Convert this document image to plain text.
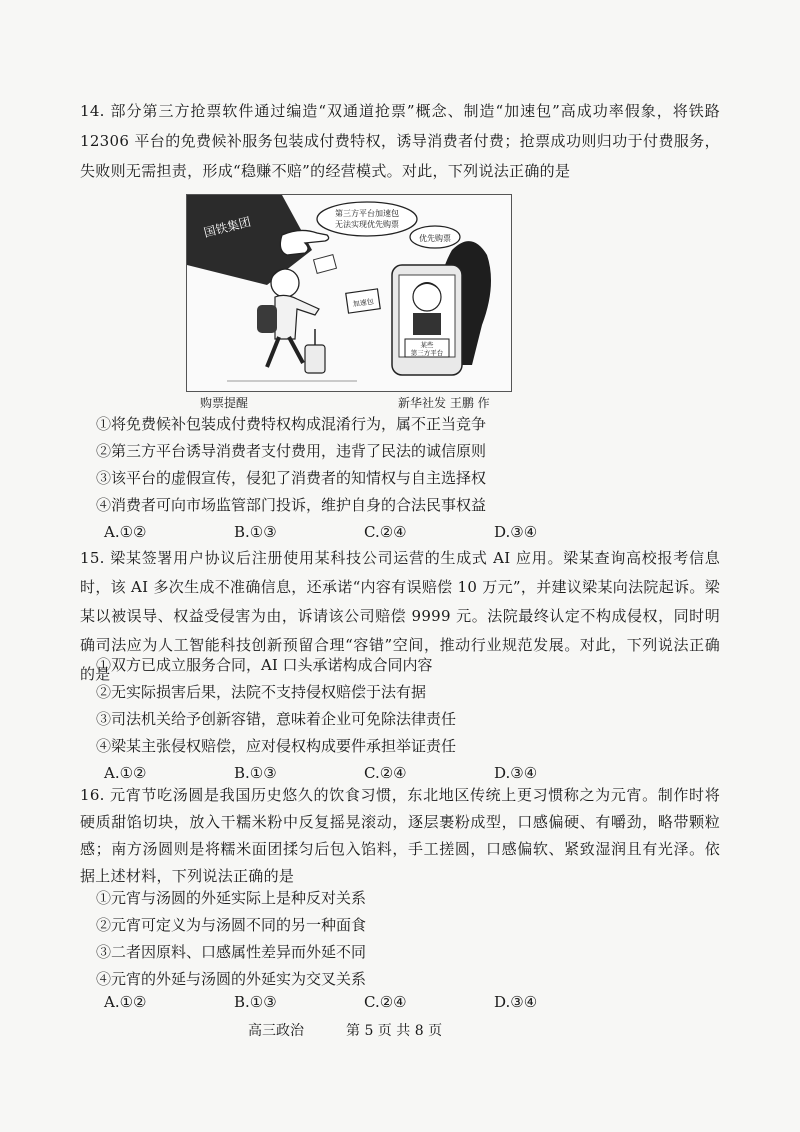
14. 部分第三方抢票软件通过编造“双通道抢票”概念、制造“加速包”高成功率假象，将铁路 12306 平台的免费候补服务包装成付费特权，诱导消费者付费；抢票成功则归功于付费服务，失败则无需担责，形成“稳赚不赔”的经营模式。对此，下列说法正确的是
国铁集团
第三方平台加速包
无法实现优先购票
优先购票
某些
第三方平台
加速包
购票提醒	新华社发 王鹏 作
①将免费候补包装成付费特权构成混淆行为，属不正当竞争
②第三方平台诱导消费者支付费用，违背了民法的诚信原则
③该平台的虚假宣传，侵犯了消费者的知情权与自主选择权
④消费者可向市场监管部门投诉，维护自身的合法民事权益
A.①②	B.①③	C.②④	D.③④
15. 梁某签署用户协议后注册使用某科技公司运营的生成式 AI 应用。梁某查询高校报考信息时，该 AI 多次生成不准确信息，还承诺“内容有误赔偿 10 万元”，并建议梁某向法院起诉。梁某以被误导、权益受侵害为由，诉请该公司赔偿 9999 元。法院最终认定不构成侵权，同时明确司法应为人工智能科技创新预留合理“容错”空间，推动行业规范发展。对此，下列说法正确的是
①双方已成立服务合同，AI 口头承诺构成合同内容
②无实际损害后果，法院不支持侵权赔偿于法有据
③司法机关给予创新容错，意味着企业可免除法律责任
④梁某主张侵权赔偿，应对侵权构成要件承担举证责任
A.①②	B.①③	C.②④	D.③④
16. 元宵节吃汤圆是我国历史悠久的饮食习惯，东北地区传统上更习惯称之为元宵。制作时将硬质甜馅切块，放入干糯米粉中反复摇晃滚动，逐层裹粉成型，口感偏硬、有嚼劲，略带颗粒感；南方汤圆则是将糯米面团揉匀后包入馅料，手工搓圆，口感偏软、紧致湿润且有光泽。依据上述材料，下列说法正确的是
①元宵与汤圆的外延实际上是种反对关系
②元宵可定义为与汤圆不同的另一种面食
③二者因原料、口感属性差异而外延不同
④元宵的外延与汤圆的外延实为交叉关系
A.①②	B.①③	C.②④	D.③④
高三政治	第 5 页 共 8 页
